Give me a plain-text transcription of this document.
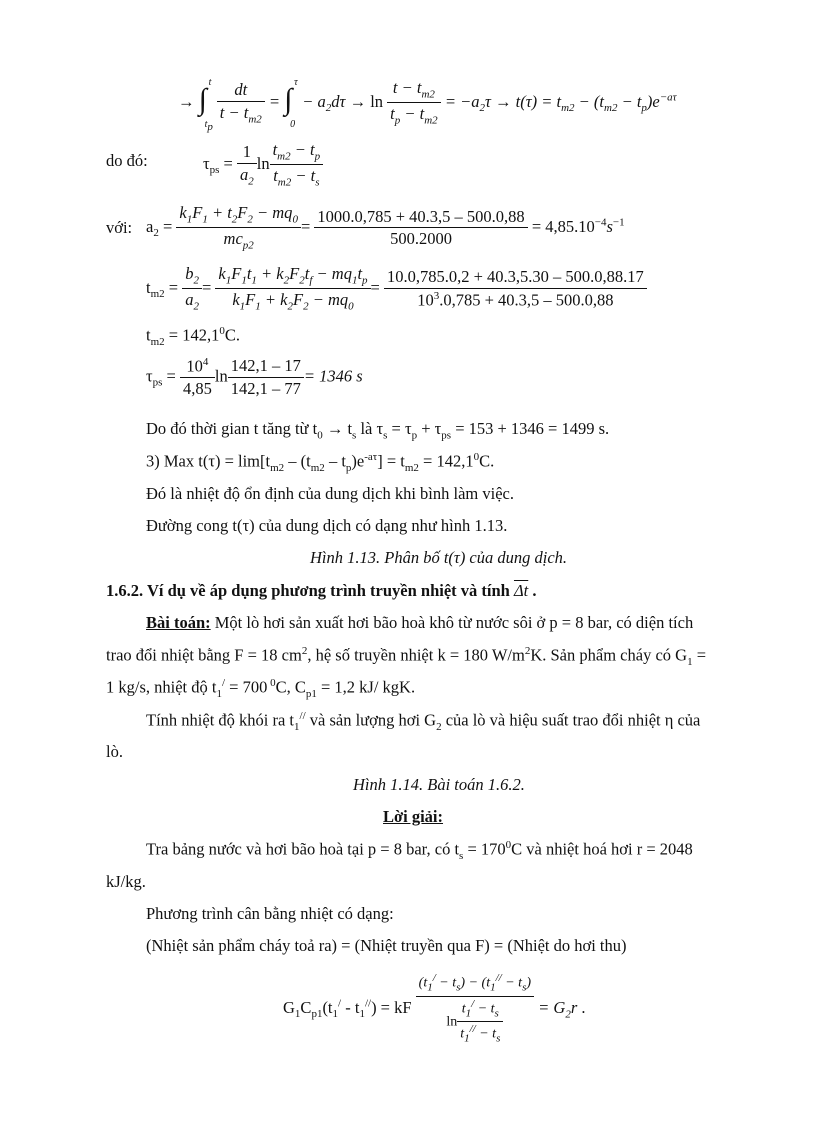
→ ∫
t
$t_p$

$\frac{dt}{t - t_{m2}}$ = ∫
τ
0
− $a_2d\tau \to \ln \frac{t - t_{m2}}{t_p - t_{m2}} = -a_2\tau \to t(\tau) = t_{m2} - (t_{m2} - t_p)e^{-a\tau}$
do đó:	$\tau_{ps} = \frac{1}{a_2}$ $\ln \frac{t_{m2} - t_p}{t_{m2} - t_s}$
với: $a_2 = \frac{k_1F_1 + t_2F_2 - mq_0}{mc_{p2}} = \frac{1000.0,785 + 40.3,5 - 500.0,88}{500.2000} = 4,85.10^{-4}s^{-1}$
$t_{m2} = \frac{b_2}{a_2} = \frac{k_1F_1t_1 + k_2F_2t_f - mq_1t_p}{k_1F_1 + k_2F_2 - mq_0} = \frac{10.0,785.0,2 + 40.3,5.30 - 500.0,88.17}{10^3.0,785 + 40.3,5 - 500.0,88}$
$t_{m2} = 142,1^0C$.
$\tau_{ps} = \frac{10^4}{4,85}$ $\ln \frac{142,1 - 17}{142,1 - 77} = 1346$ s
Do đó thời gian t tăng từ $t_0 \to t_s$ là $\tau_s = \tau_p + \tau_{ps} = 153 + 1346 = 1499$ s.
3) Max $t(\tau) = \lim[t_{m2} - (t_{m2} - t_p)e^{-a\tau}] = t_{m2} = 142,1^0C$.
Đó là nhiệt độ ổn định của dung dịch khi bình làm việc.
Đường cong t(τ) của dung dịch có dạng như hình 1.13.
Hình 1.13. Phân bố t(τ) của dung dịch.
1.6.2. Ví dụ về áp dụng phương trình truyền nhiệt và tính $\overline{\Delta t}$ .
Bài toán: Một lò hơi sản xuất hơi bão hoà khô từ nước sôi ở p = 8 bar, có diện tích
trao đổi nhiệt bằng F = 18 $cm^2$, hệ số truyền nhiệt k = 180 $W/m^2K$. Sản phẩm cháy có $G_1$ =
1 kg/s, nhiệt độ $t_1^/ = 700$ $^0$C, $C_{p1} = 1,2$ kJ/ kgK.
Tính nhiệt độ khói ra $t_1^{//}$ và sản lượng hơi $G_2$ của lò và hiệu suất trao đổi nhiệt η của
lò.
Hình 1.14. Bài toán 1.6.2.
Lời giải:
Tra bảng nước và hơi bão hoà tại p = 8 bar, có $t_s = 170^0C$ và nhiệt hoá hơi r = 2048
kJ/kg.
Phương trình cân bằng nhiệt có dạng:
(Nhiệt sản phẩm cháy toả ra) = (Nhiệt truyền qua F) = (Nhiệt do hơi thu)
$G_1C_{p1}(t_1^/ - t_1^{//})$ = kF $\frac{(t_1^/ - t_s) - (t_1^{//} - t_s)}{\ln \frac{t_1^/ - t_s}{t_1^{//} - t_s}} = G_2r$ .
